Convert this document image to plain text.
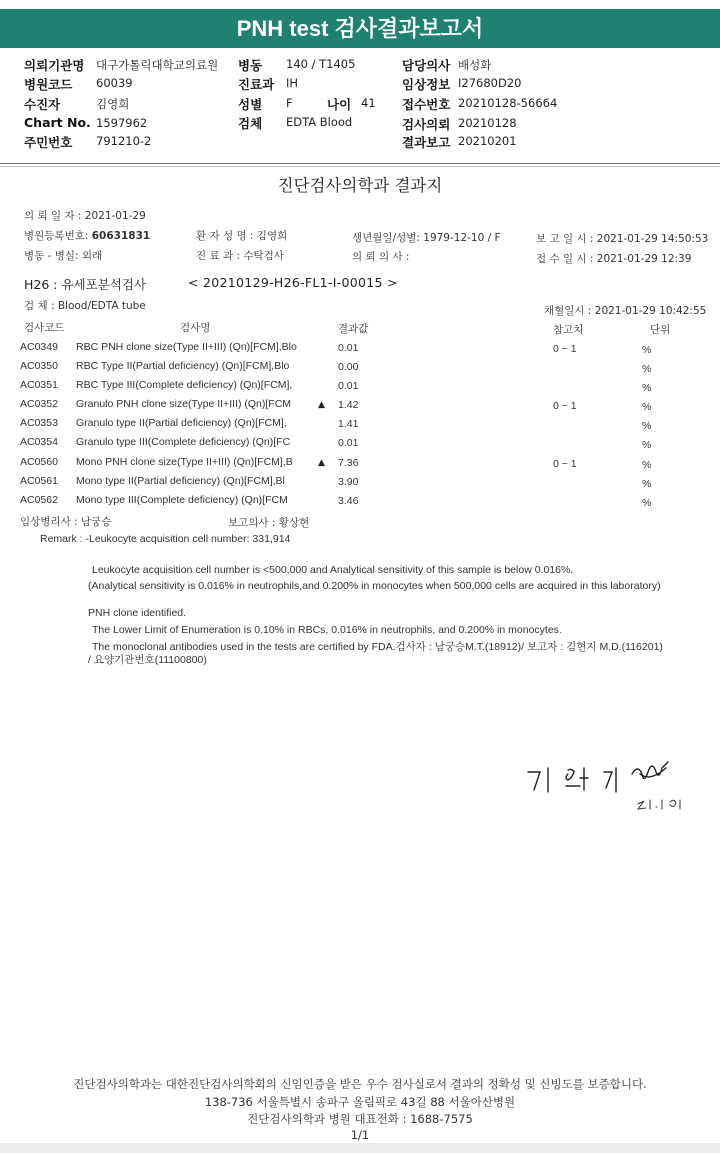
PNH test 검사결과보고서
의뢰기관명 대구가톨릭대학교의료원 병동 140 / T1405	담당의사 배성화
병원코드 60039	진료과 IH	임상정보 I27680D20
수진자	김영희	성별 F	나이 41 접수번호 20210128-56664
Chart No. 1597962	검체 EDTA Blood	검사의뢰 20210128
주민번호 791210-2	결과보고 20210201
진단검사의학과 결과지
의 뢰 일 자 : 2021-01-29
병원등록번호: 60631831	환 자 성 명 : 김영희	생년월일/성별: 1979-12-10 / F	보 고 일 시 : 2021-01-29 14:50:53
병동 - 병실: 외래	진 료 과 : 수탁검사	의 뢰 의 사 :	접 수 일 시 : 2021-01-29 12:39
H26 : 유세포분석검사	< 20210129-H26-FL1-I-00015 >
검 체 : Blood/EDTA tube	채혈일시 : 2021-01-29 10:42:55
검사코드	검사명	결과값	참고치	단위
AC0349 RBC PNH clone size(Type II+III) (Qn)[FCM],Blo	0.01	0 ~ 1	%
AC0350 RBC Type II(Partial deficiency) (Qn)[FCM],Blo	0.00	%
AC0351 RBC Type III(Complete deficiency) (Qn)[FCM],	0.01	%
AC0352 Granulo PNH clone size(Type II+III) (Qn)[FCM	▲ 1.42	0 ~ 1	%
AC0353 Granulo type II(Partial deficiency) (Qn)[FCM],	1.41	%
AC0354 Granulo type III(Complete deficiency) (Qn)[FC	0.01	%
AC0560 Mono PNH clone size(Type II+III) (Qn)[FCM],B	▲ 7.36	0 ~ 1	%
AC0561 Mono type II(Partial deficiency) (Qn)[FCM],Bl	3.90	%
AC0562 Mono type III(Complete deficiency) (Qn)[FCM	3.46	%
임상병리사 : 남궁승	보고의사 : 황상현
Remark : -Leukocyte acquisition cell number: 331,914
Leukocyte acquisition cell number is <500,000 and Analytical sensitivity of this sample is below 0.016%.
(Analytical sensitivity is 0.016% in neutrophils,and 0.200% in monocytes when 500,000 cells are acquired in this laboratory)
PNH clone identified.
The Lower Limit of Enumeration is 0.10% in RBCs, 0.016% in neutrophils, and 0.200% in monocytes.
The monoclonal antibodies used in the tests are certified by FDA.검사자 : 남궁승M.T.(18912)/ 보고자 : 김현지 M.D.(116201)
/ 요양기관번호(11100800)
진단검사의학과는 대한진단검사의학회의 신임인증을 받은 우수 검사실로서 결과의 정확성 및 신빙도를 보증합니다.
138-736 서울특별시 송파구 올림픽로 43길 88 서울아산병원
진단검사의학과 병원 대표전화 : 1688-7575
1/1
